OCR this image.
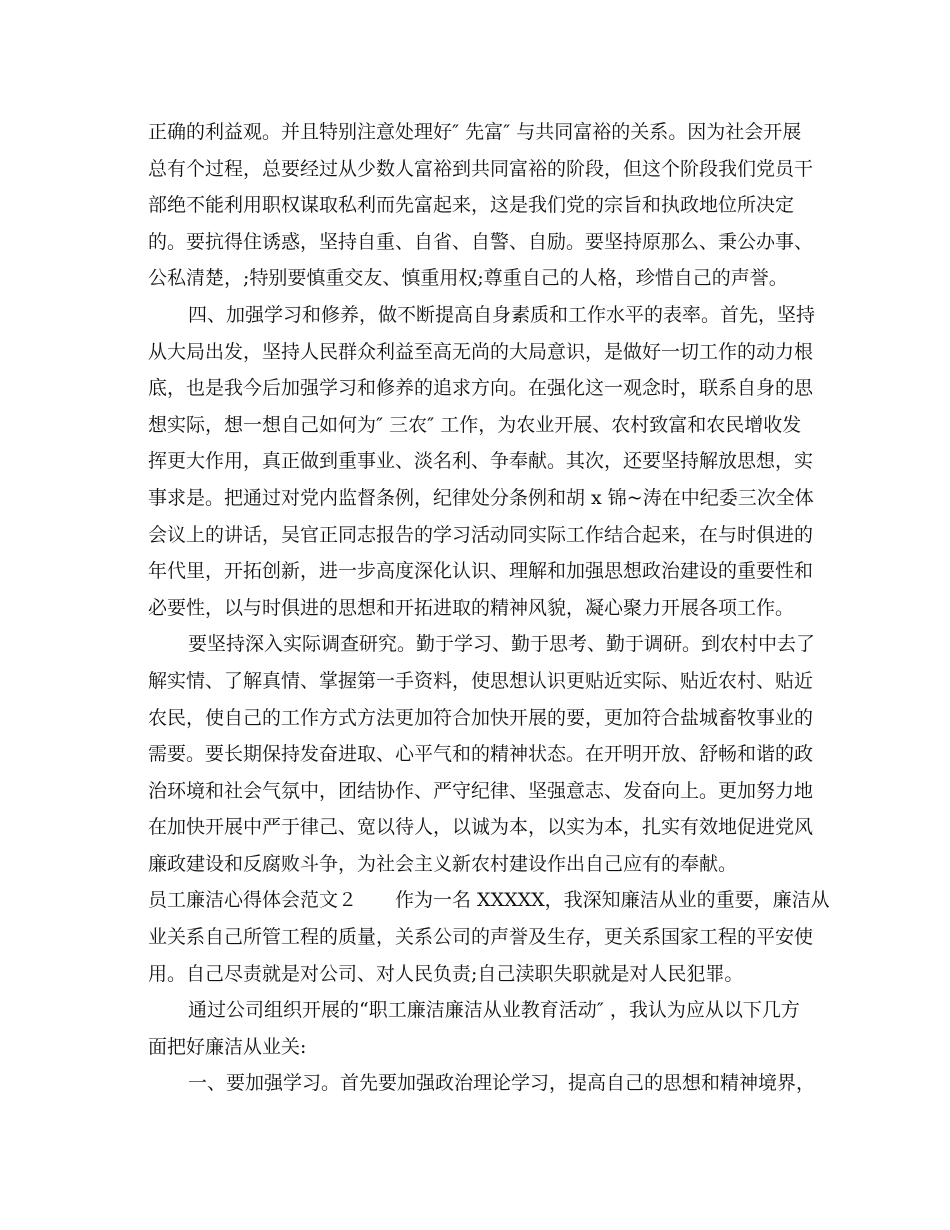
正确的利益观。并且特别注意处理好″ 先富″ 与共同富裕的关系。因为社会开展
总有个过程，总要经过从少数人富裕到共同富裕的阶段，但这个阶段我们党员干
部绝不能利用职权谋取私利而先富起来，这是我们党的宗旨和执政地位所决定
的。要抗得住诱惑，坚持自重、自省、自警、自励。要坚持原那么、秉公办事、
公私清楚，;特别要慎重交友、慎重用权;尊重自己的人格，珍惜自己的声誉。
四、加强学习和修养，做不断提高自身素质和工作水平的表率。首先，坚持
从大局出发，坚持人民群众利益至高无尚的大局意识，是做好一切工作的动力根
底，也是我今后加强学习和修养的追求方向。在强化这一观念时，联系自身的思
想实际，想一想自己如何为″ 三农″ 工作，为农业开展、农村致富和农民增收发
挥更大作用，真正做到重事业、淡名利、争奉献。其次，还要坚持解放思想，实
事求是。把通过对党内监督条例，纪律处分条例和胡 x 锦~涛在中纪委三次全体
会议上的讲话，吴官正同志报告的学习活动同实际工作结合起来，在与时俱进的
年代里，开拓创新，进一步高度深化认识、理解和加强思想政治建设的重要性和
必要性，以与时俱进的思想和开拓进取的精神风貌，凝心聚力开展各项工作。
要坚持深入实际调查研究。勤于学习、勤于思考、勤于调研。到农村中去了
解实情、了解真情、掌握第一手资料，使思想认识更贴近实际、贴近农村、贴近
农民，使自己的工作方式方法更加符合加快开展的要，更加符合盐城畜牧事业的
需要。要长期保持发奋进取、心平气和的精神状态。在开明开放、舒畅和谐的政
治环境和社会气氛中，团结协作、严守纪律、坚强意志、发奋向上。更加努力地
在加快开展中严于律己、宽以待人，以诚为本，以实为本，扎实有效地促进党风
廉政建设和反腐败斗争，为社会主义新农村建设作出自己应有的奉献。
员工廉洁心得体会范文２　　作为一名 XXXXX，我深知廉洁从业的重要，廉洁从
业关系自己所管工程的质量，关系公司的声誉及生存，更关系国家工程的平安使
用。自己尽责就是对公司、对人民负责;自己渎职失职就是对人民犯罪。
通过公司组织开展的“职工廉洁廉洁从业教育活动″ ，我认为应从以下几方
面把好廉洁从业关:
一、要加强学习。首先要加强政治理论学习，提高自己的思想和精神境界，
